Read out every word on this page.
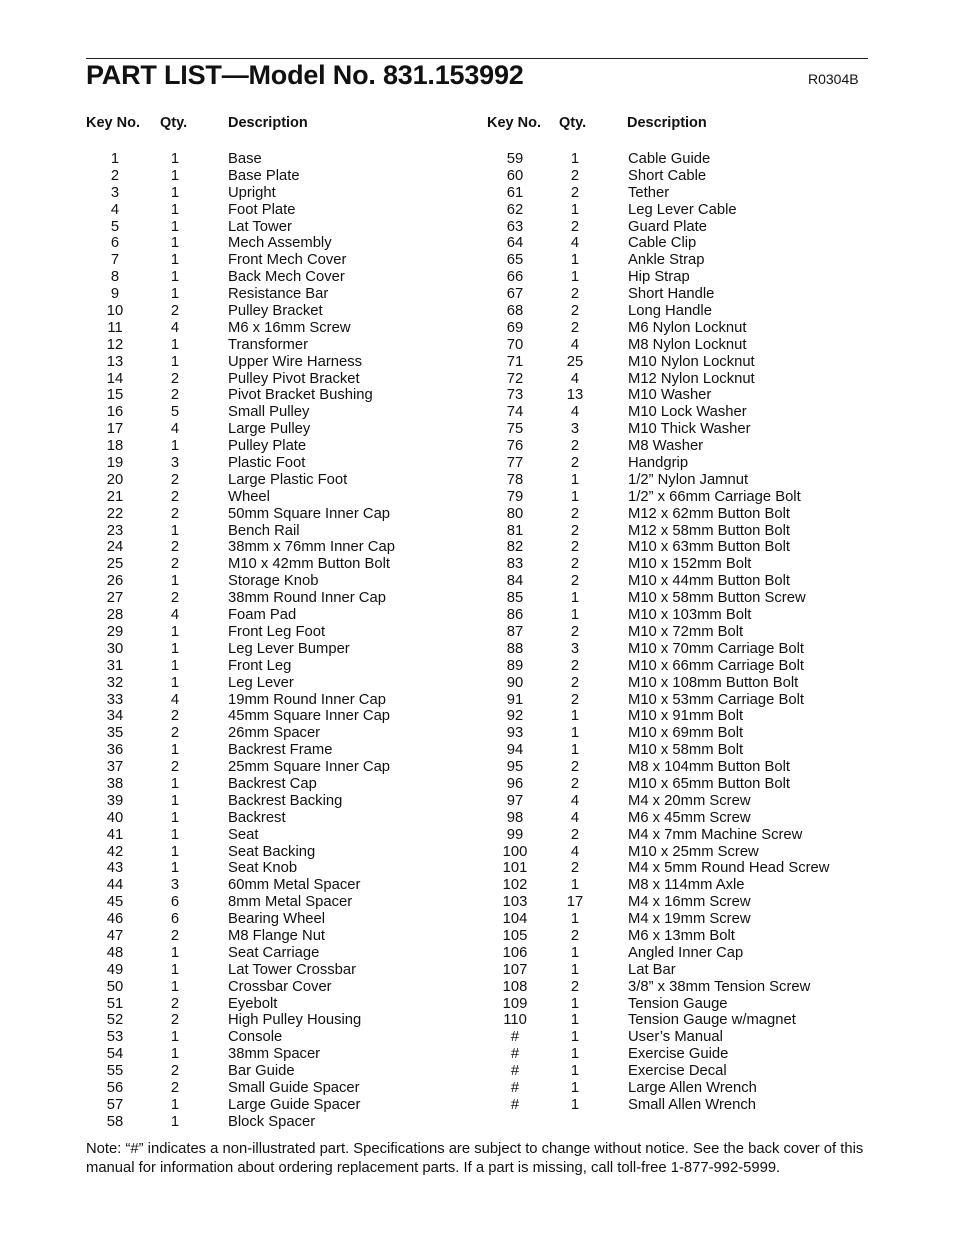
PART LIST—Model No. 831.153992	R0304B
Key No. Qty.	Description	Key No. Qty.	Description
1	1	Base
2	1	Base Plate
3	1	Upright
4	1	Foot Plate
5	1	Lat Tower
6	1	Mech Assembly
7	1	Front Mech Cover
8	1	Back Mech Cover
9	1	Resistance Bar
10	2	Pulley Bracket
11	4	M6 x 16mm Screw
12	1	Transformer
13	1	Upper Wire Harness
14	2	Pulley Pivot Bracket
15	2	Pivot Bracket Bushing
16	5	Small Pulley
17	4	Large Pulley
18	1	Pulley Plate
19	3	Plastic Foot
20	2	Large Plastic Foot
21	2	Wheel
22	2	50mm Square Inner Cap
23	1	Bench Rail
24	2	38mm x 76mm Inner Cap
25	2	M10 x 42mm Button Bolt
26	1	Storage Knob
27	2	38mm Round Inner Cap
28	4	Foam Pad
29	1	Front Leg Foot
30	1	Leg Lever Bumper
31	1	Front Leg
32	1	Leg Lever
33	4	19mm Round Inner Cap
34	2	45mm Square Inner Cap
35	2	26mm Spacer
36	1	Backrest Frame
37	2	25mm Square Inner Cap
38	1	Backrest Cap
39	1	Backrest Backing
40	1	Backrest
41	1	Seat
42	1	Seat Backing
43	1	Seat Knob
44	3	60mm Metal Spacer
45	6	8mm Metal Spacer
46	6	Bearing Wheel
47	2	M8 Flange Nut
48	1	Seat Carriage
49	1	Lat Tower Crossbar
50	1	Crossbar Cover
51	2	Eyebolt
52	2	High Pulley Housing
53	1	Console
54	1	38mm Spacer
55	2	Bar Guide
56	2	Small Guide Spacer
57	1	Large Guide Spacer
58	1	Block Spacer
59	1	Cable Guide
60	2	Short Cable
61	2	Tether
62	1	Leg Lever Cable
63	2	Guard Plate
64	4	Cable Clip
65	1	Ankle Strap
66	1	Hip Strap
67	2	Short Handle
68	2	Long Handle
69	2	M6 Nylon Locknut
70	4	M8 Nylon Locknut
71	25	M10 Nylon Locknut
72	4	M12 Nylon Locknut
73	13	M10 Washer
74	4	M10 Lock Washer
75	3	M10 Thick Washer
76	2	M8 Washer
77	2	Handgrip
78	1	1/2” Nylon Jamnut
79	1	1/2” x 66mm Carriage Bolt
80	2	M12 x 62mm Button Bolt
81	2	M12 x 58mm Button Bolt
82	2	M10 x 63mm Button Bolt
83	2	M10 x 152mm Bolt
84	2	M10 x 44mm Button Bolt
85	1	M10 x 58mm Button Screw
86	1	M10 x 103mm Bolt
87	2	M10 x 72mm Bolt
88	3	M10 x 70mm Carriage Bolt
89	2	M10 x 66mm Carriage Bolt
90	2	M10 x 108mm Button Bolt
91	2	M10 x 53mm Carriage Bolt
92	1	M10 x 91mm Bolt
93	1	M10 x 69mm Bolt
94	1	M10 x 58mm Bolt
95	2	M8 x 104mm Button Bolt
96	2	M10 x 65mm Button Bolt
97	4	M4 x 20mm Screw
98	4	M6 x 45mm Screw
99	2	M4 x 7mm Machine Screw
100	4	M10 x 25mm Screw
101	2	M4 x 5mm Round Head Screw
102	1	M8 x 114mm Axle
103	17	M4 x 16mm Screw
104	1	M4 x 19mm Screw
105	2	M6 x 13mm Bolt
106	1	Angled Inner Cap
107	1	Lat Bar
108	2	3/8” x 38mm Tension Screw
109	1	Tension Gauge
110	1	Tension Gauge w/magnet
#	1	User’s Manual
#	1	Exercise Guide
#	1	Exercise Decal
#	1	Large Allen Wrench
#	1	Small Allen Wrench
Note: “#” indicates a non-illustrated part. Specifications are subject to change without notice. See the back cover of this manual for information about ordering replacement parts. If a part is missing, call toll-free 1-877-992-5999.
